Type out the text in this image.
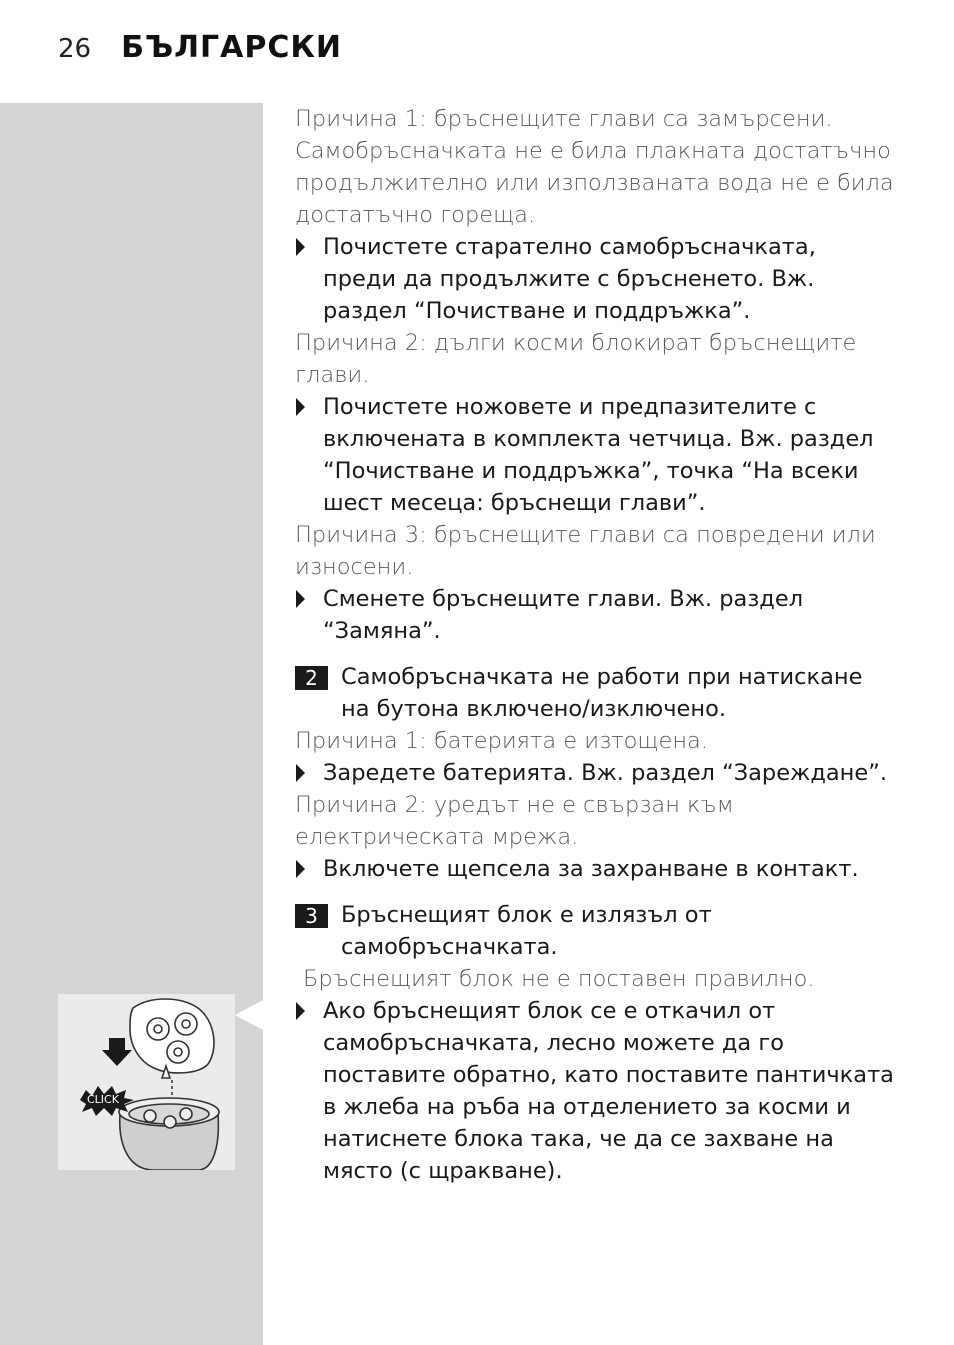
26 БЪЛГАРСКИ
CLICK

Причина 1: бръснещите глави са замърсени. Самобръсначката не е била плакната достатъчно продължително или използваната вода не е била достатъчно гореща.

Почистете старателно самобръсначката, преди да продължите с бръсненето. Вж. раздел “Почистване и поддръжка”.

Причина 2: дълги косми блокират бръснещите глави.

Почистете ножовете и предпазителите с включената в комплекта четчица. Вж. раздел “Почистване и поддръжка”, точка “На всеки шест месеца: бръснещи глави”.

Причина 3: бръснещите глави са повредени или износени.

Сменете бръснещите глави. Вж. раздел “Замяна”.

2	Самобръсначката не работи при натискане на бутона включено/изключено.

Причина 1: батерията е изтощена.

Заредете батерията. Вж. раздел “Зареждане”.

Причина 2: уредът не е свързан към електрическата мрежа.

Включете щепсела за захранване в контакт.

3	Бръснещият блок е излязъл от самобръсначката.

Бръснещият блок не е поставен правилно.

Ако бръснещият блок се е откачил от самобръсначката, лесно можете да го поставите обратно, като поставите пантичката в жлеба на ръба на отделението за косми и натиснете блока така, че да се захване на място (с щракване).
